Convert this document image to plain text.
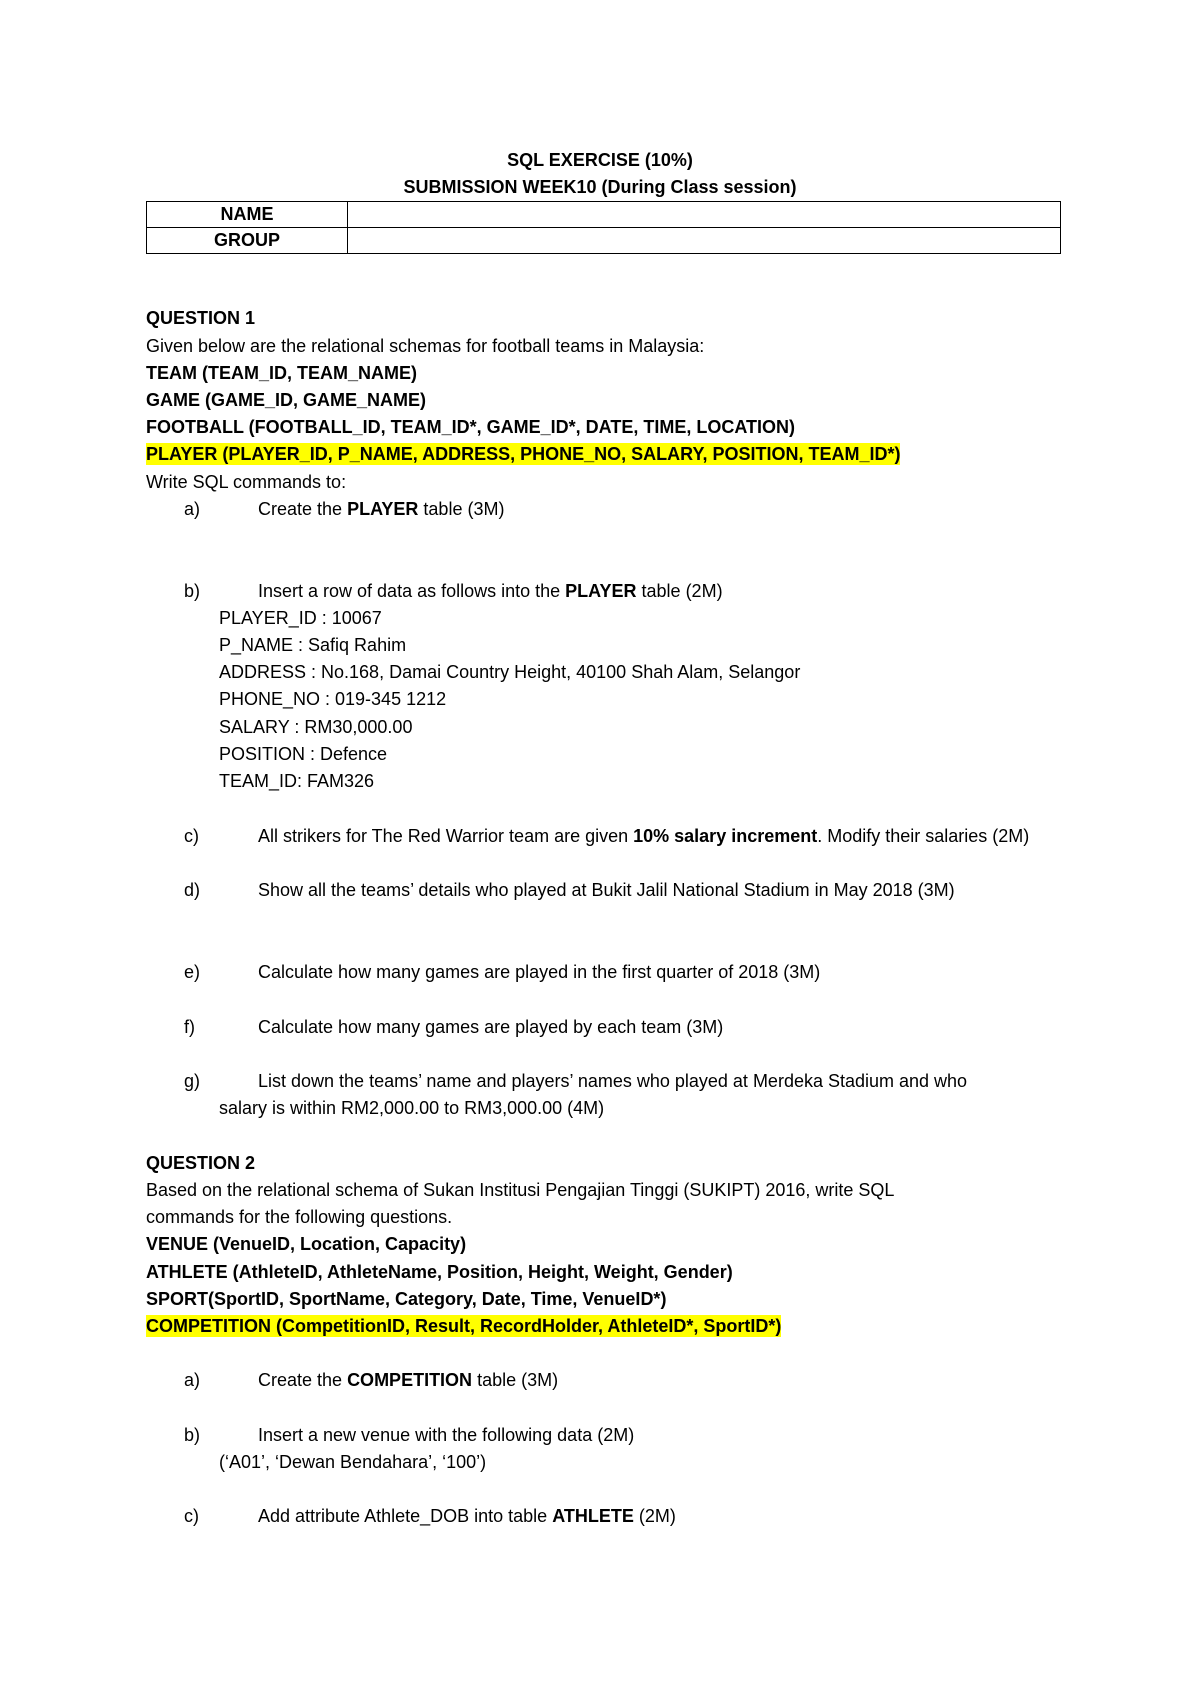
SQL EXERCISE (10%)
SUBMISSION WEEK10 (During Class session)
NAME	
GROUP	
QUESTION 1
Given below are the relational schemas for football teams in Malaysia:
TEAM (TEAM_ID, TEAM_NAME)
GAME (GAME_ID, GAME_NAME)
FOOTBALL (FOOTBALL_ID, TEAM_ID*, GAME_ID*, DATE, TIME, LOCATION)
PLAYER (PLAYER_ID, P_NAME, ADDRESS, PHONE_NO, SALARY, POSITION, TEAM_ID*)
Write SQL commands to:
a)	Create the PLAYER table (3M)
b)	Insert a row of data as follows into the PLAYER table (2M)
PLAYER_ID : 10067
P_NAME : Safiq Rahim
ADDRESS : No.168, Damai Country Height, 40100 Shah Alam, Selangor
PHONE_NO : 019-345 1212
SALARY : RM30,000.00
POSITION : Defence
TEAM_ID: FAM326
c)	All strikers for The Red Warrior team are given 10% salary increment. Modify their salaries (2M)
d)	Show all the teams’ details who played at Bukit Jalil National Stadium in May 2018 (3M)
e)	Calculate how many games are played in the first quarter of 2018 (3M)
f)	Calculate how many games are played by each team (3M)
g)	List down the teams’ name and players’ names who played at Merdeka Stadium and who
salary is within RM2,000.00 to RM3,000.00 (4M)
QUESTION 2
Based on the relational schema of Sukan Institusi Pengajian Tinggi (SUKIPT) 2016, write SQL
commands for the following questions.
VENUE (VenueID, Location, Capacity)
ATHLETE (AthleteID, AthleteName, Position, Height, Weight, Gender)
SPORT(SportID, SportName, Category, Date, Time, VenueID*)
COMPETITION (CompetitionID, Result, RecordHolder, AthleteID*, SportID*)
a)	Create the COMPETITION table (3M)
b)	Insert a new venue with the following data (2M)
(‘A01’, ‘Dewan Bendahara’, ‘100’)
c)	Add attribute Athlete_DOB into table ATHLETE (2M)
